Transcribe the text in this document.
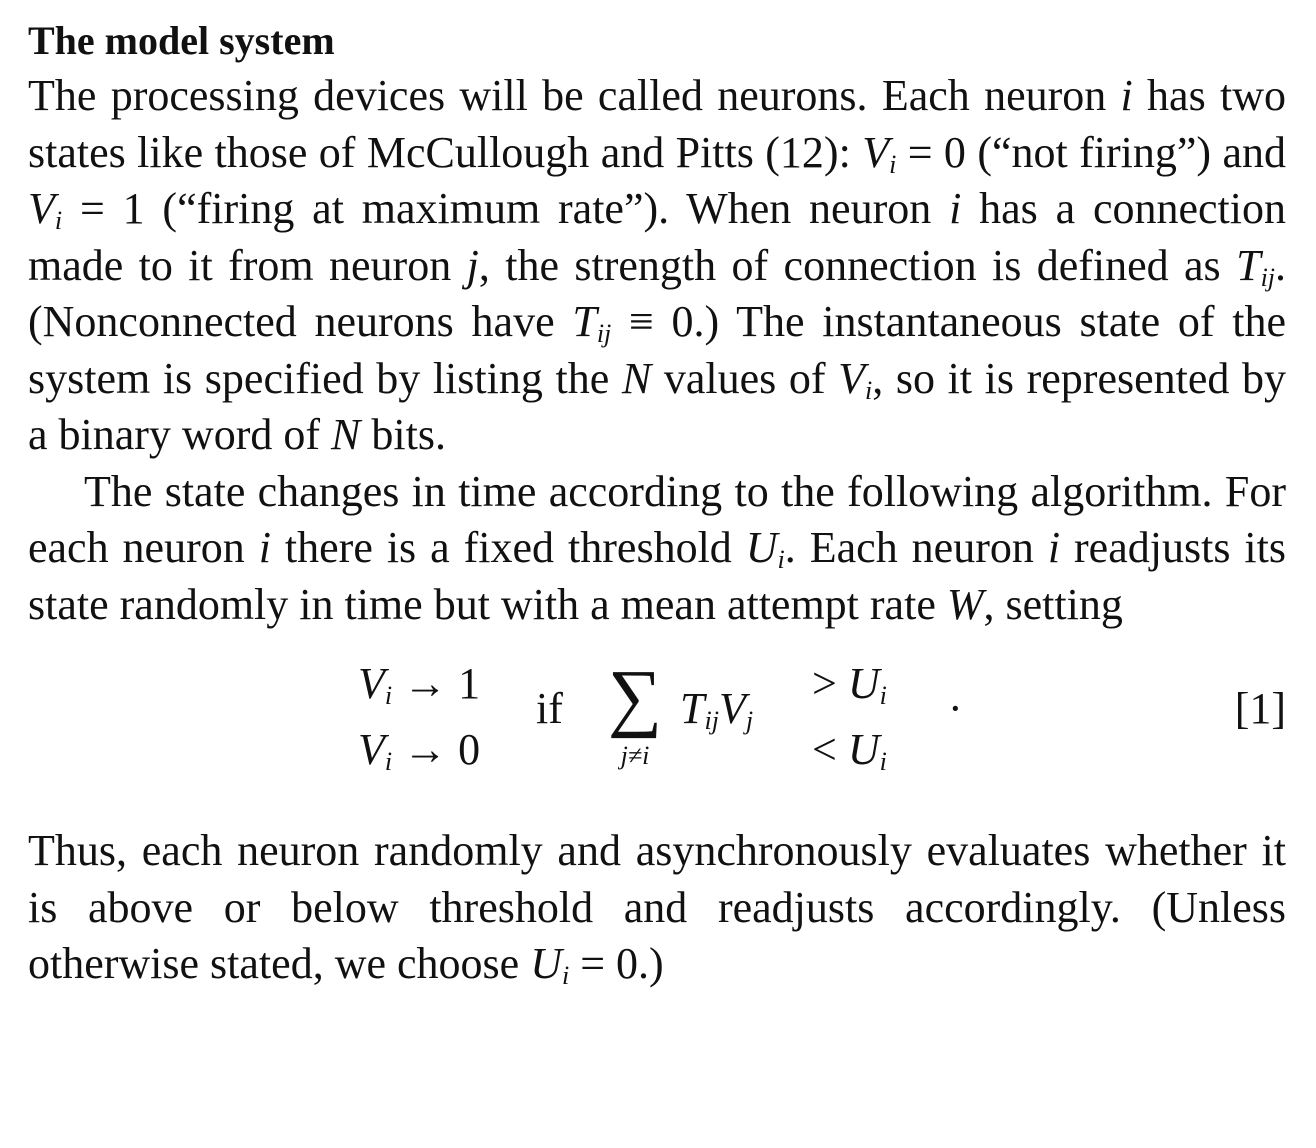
The model system

The processing devices will be called neurons. Each neuron i has two states like those of McCullough and Pitts (12): $V_i = 0$ (“not firing”) and $V_i = 1$ (“firing at maximum rate”). When neuron i has a connection made to it from neuron j, the strength of connection is defined as $T_{ij}$. (Nonconnected neurons have $T_{ij} \equiv 0$.) The instantaneous state of the system is specified by listing the N values of $V_i$, so it is represented by a binary word of N bits.

The state changes in time according to the following algorithm. For each neuron i there is a fixed threshold $U_i$. Each neuron i readjusts its state randomly in time but with a mean attempt rate W, setting

$V_i \to 1$
$V_i \to 0$
if ∑
j≠i
$T_{ij}V_j$
> $U_i$
< $U_i$
·	[1]

Thus, each neuron randomly and asynchronously evaluates whether it is above or below threshold and readjusts accordingly. (Unless otherwise stated, we choose $U_i = 0$.)
